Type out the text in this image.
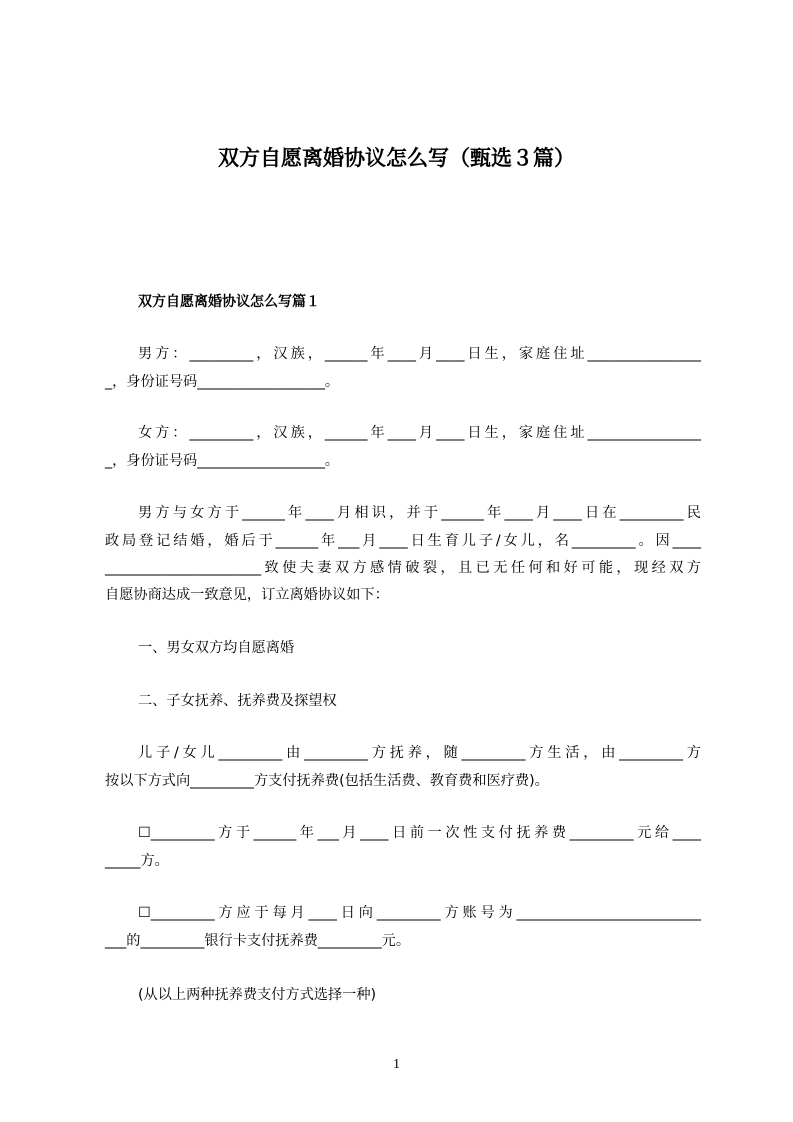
双方自愿离婚协议怎么写（甄选３篇）
双方自愿离婚协议怎么写篇１
男方：_________，汉族，______年____月____日生，家庭住址________________
_，身份证号码__________________。
女方：_________，汉族，______年____月____日生，家庭住址________________
_，身份证号码__________________。
男方与女方于______年____月相识，并于______年____月____日在_________民
政局登记结婚，婚后于______年___月____日生育儿子/女儿，名_________。因____
______________________致使夫妻双方感情破裂，且已无任何和好可能，现经双方
自愿协商达成一致意见，订立离婚协议如下：
一、男女双方均自愿离婚
二、子女抚养、抚养费及探望权
儿子/女儿_________由_________方抚养，随_________方生活，由_________方
按以下方式向_________方支付抚养费(包括生活费、教育费和医疗费)。
☐_________方于______年___月____日前一次性支付抚养费_________元给____
_____方。
☐_________方应于每月____日向_________方账号为__________________________
___的_________银行卡支付抚养费_________元。
(从以上两种抚养费支付方式选择一种)
1
